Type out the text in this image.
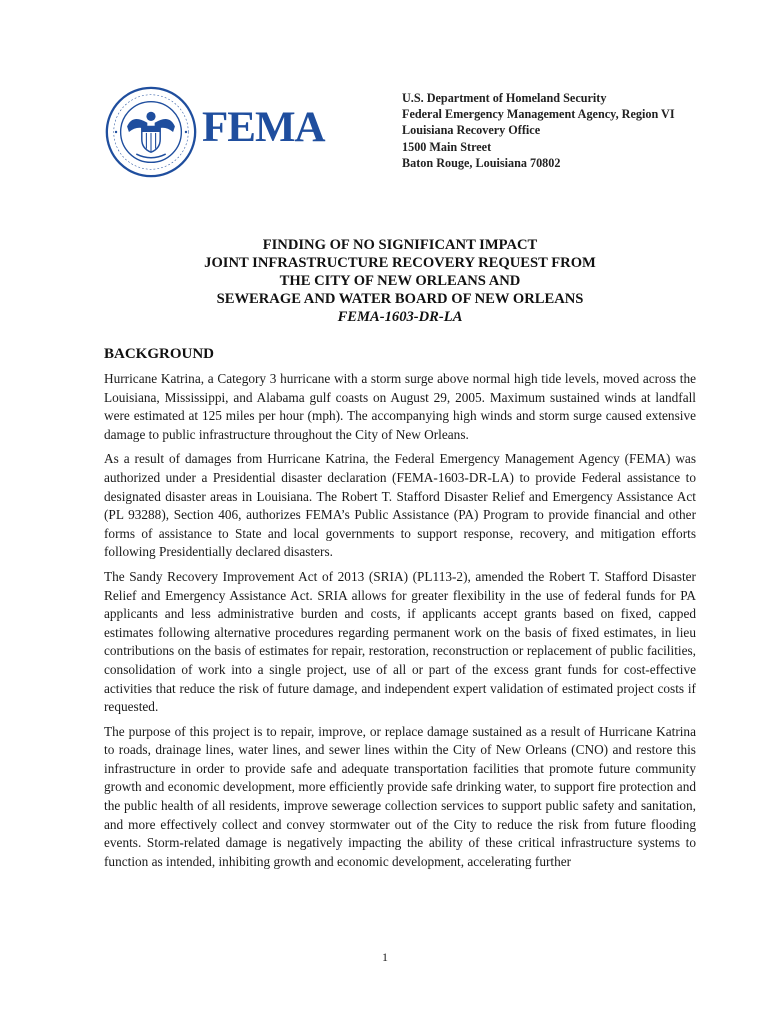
FEMA
U.S. Department of Homeland Security
Federal Emergency Management Agency, Region VI
Louisiana Recovery Office
1500 Main Street
Baton Rouge, Louisiana 70802
FINDING OF NO SIGNIFICANT IMPACT
JOINT INFRASTRUCTURE RECOVERY REQUEST FROM
THE CITY OF NEW ORLEANS AND
SEWERAGE AND WATER BOARD OF NEW ORLEANS
FEMA-1603-DR-LA
BACKGROUND

Hurricane Katrina, a Category 3 hurricane with a storm surge above normal high tide levels, moved across the Louisiana, Mississippi, and Alabama gulf coasts on August 29, 2005. Maximum sustained winds at landfall were estimated at 125 miles per hour (mph). The accompanying high winds and storm surge caused extensive damage to public infrastructure throughout the City of New Orleans.

As a result of damages from Hurricane Katrina, the Federal Emergency Management Agency (FEMA) was authorized under a Presidential disaster declaration (FEMA-1603-DR-LA) to provide Federal assistance to designated disaster areas in Louisiana. The Robert T. Stafford Disaster Relief and Emergency Assistance Act (PL 93288), Section 406, authorizes FEMA’s Public Assistance (PA) Program to provide financial and other forms of assistance to State and local governments to support response, recovery, and mitigation efforts following Presidentially declared disasters.

The Sandy Recovery Improvement Act of 2013 (SRIA) (PL113-2), amended the Robert T. Stafford Disaster Relief and Emergency Assistance Act. SRIA allows for greater flexibility in the use of federal funds for PA applicants and less administrative burden and costs, if applicants accept grants based on fixed, capped estimates following alternative procedures regarding permanent work on the basis of fixed estimates, in lieu contributions on the basis of estimates for repair, restoration, reconstruction or replacement of public facilities, consolidation of work into a single project, use of all or part of the excess grant funds for cost-effective activities that reduce the risk of future damage, and independent expert validation of estimated project costs if requested.

The purpose of this project is to repair, improve, or replace damage sustained as a result of Hurricane Katrina to roads, drainage lines, water lines, and sewer lines within the City of New Orleans (CNO) and restore this infrastructure in order to provide safe and adequate transportation facilities that promote future community growth and economic development, more efficiently provide safe drinking water, to support fire protection and the public health of all residents, improve sewerage collection services to support public safety and sanitation, and more effectively collect and convey stormwater out of the City to reduce the risk from future flooding events. Storm-related damage is negatively impacting the ability of these critical infrastructure systems to function as intended, inhibiting growth and economic development, accelerating further

1
